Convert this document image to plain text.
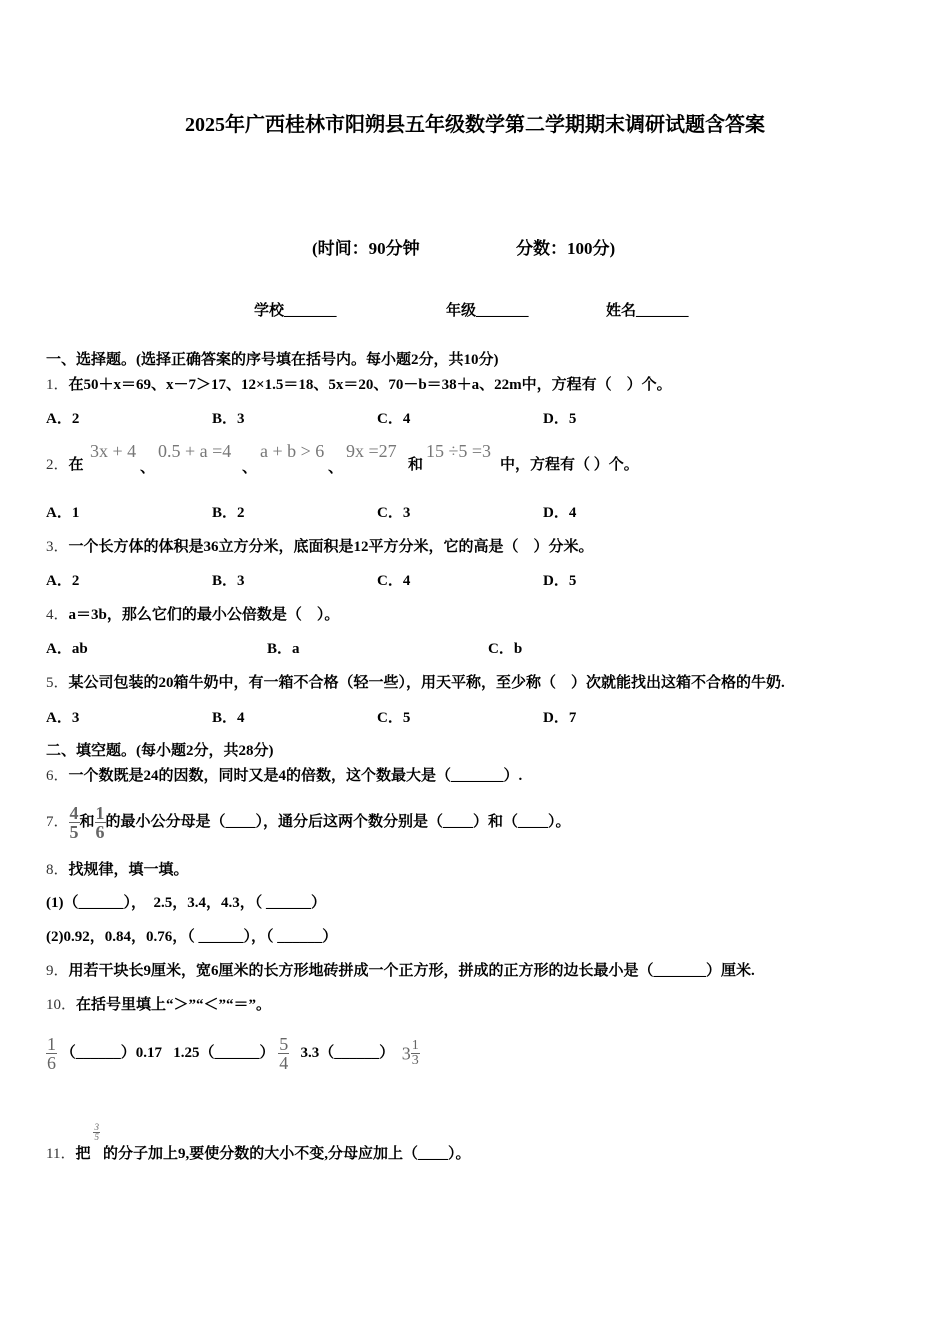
2025年广西桂林市阳朔县五年级数学第二学期期末调研试题含答案
(时间：90分钟	分数：100分)
学校_______	年级_______	姓名_______
一、选择题。(选择正确答案的序号填在括号内。每小题2分，共10分)
1．在50＋x＝69、x－7＞17、12×1.5＝18、5x＝20、70－b＝38＋a、22m中，方程有（　）个。
A．2	B．3	C．4	D．5
2．在
3x + 4
、
0.5 + a =4
、
a + b > 6
、
9x =27
和
15 ÷5 =3
中，方程有（ ）个。
A．1	B．2	C．3	D．4
3．一个长方体的体积是36立方分米，底面积是12平方分米，它的高是（　）分米。
A．2	B．3	C．4	D．5
4．a＝3b，那么它们的最小公倍数是（　）。
A．ab	B．a	C．b
5．某公司包装的20箱牛奶中，有一箱不合格（轻一些），用天平称，至少称（　）次就能找出这箱不合格的牛奶.
A．3	B．4	C．5	D．7
二、填空题。(每小题2分，共28分)
6．一个数既是24的因数，同时又是4的倍数，这个数最大是（_______）.
7． $\frac{4}{5}$ 和 $\frac{1}{6}$ 的最小公分母是（____），通分后这两个数分别是（____）和（____）。
8．找规律，填一填。
(1)（______），　2.5，3.4，4.3，（ ______）
(2)0.92，0.84，0.76，（ ______），（ ______）
9．用若干块长9厘米，宽6厘米的长方形地砖拼成一个正方形，拼成的正方形的边长最小是（_______）厘米.
10．在括号里填上“＞”“＜”“＝”。
$\frac{1}{6}$ （______）0.17 1.25（______） $\frac{5}{4}$ 3.3（______） $3 \frac{1}{3}$
11．把
$\frac{3}{5}$
的分子加上9,要使分数的大小不变,分母应加上（____）。
